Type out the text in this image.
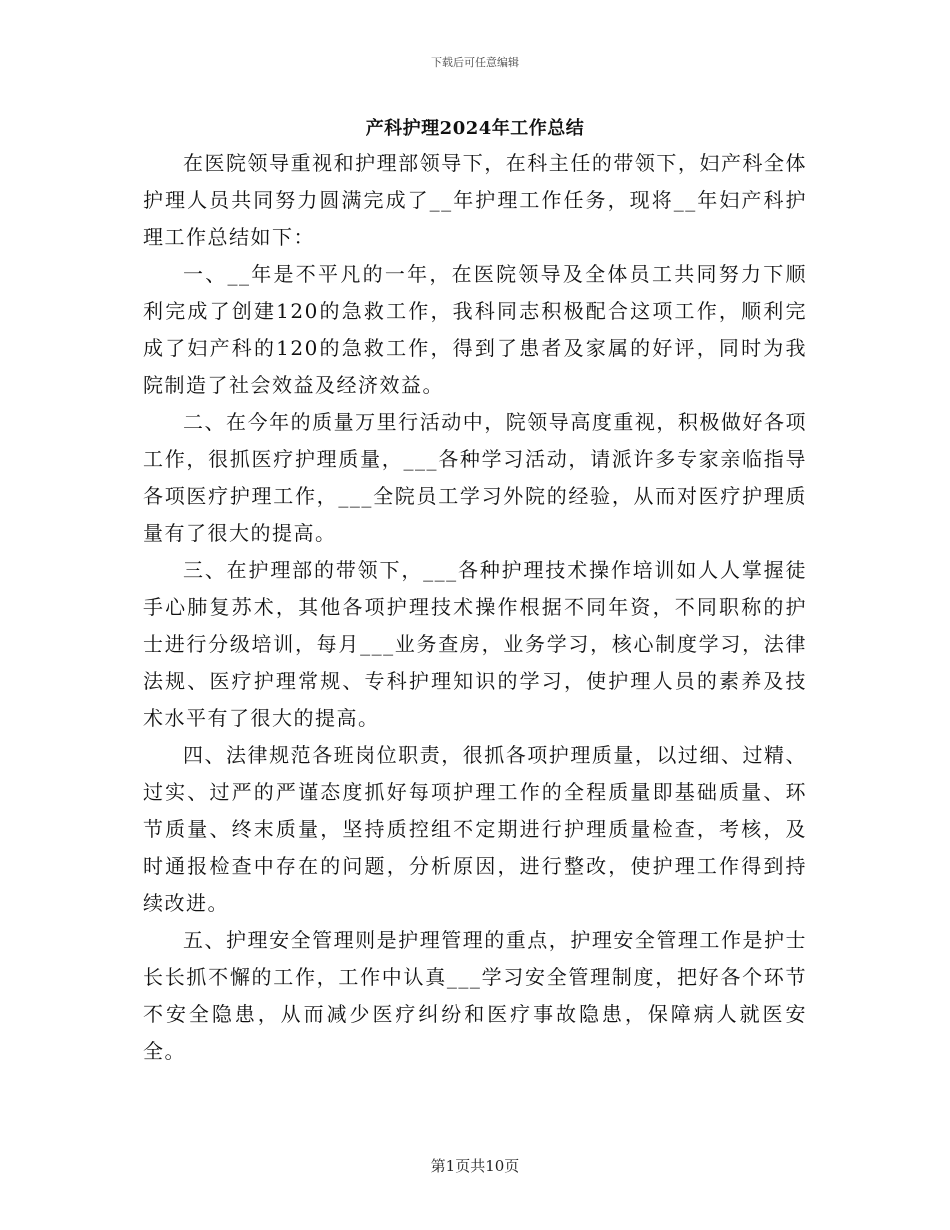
下载后可任意编辑
产科护理2024年工作总结

在医院领导重视和护理部领导下，在科主任的带领下，妇产科全体护理人员共同努力圆满完成了__年护理工作任务，现将__年妇产科护理工作总结如下：

一、__年是不平凡的一年，在医院领导及全体员工共同努力下顺利完成了创建120的急救工作，我科同志积极配合这项工作，顺利完成了妇产科的120的急救工作，得到了患者及家属的好评，同时为我院制造了社会效益及经济效益。

二、在今年的质量万里行活动中，院领导高度重视，积极做好各项工作，很抓医疗护理质量，___各种学习活动，请派许多专家亲临指导各项医疗护理工作，___全院员工学习外院的经验，从而对医疗护理质量有了很大的提高。

三、在护理部的带领下，___各种护理技术操作培训如人人掌握徒手心肺复苏术，其他各项护理技术操作根据不同年资，不同职称的护士进行分级培训，每月___业务查房，业务学习，核心制度学习，法律法规、医疗护理常规、专科护理知识的学习，使护理人员的素养及技术水平有了很大的提高。

四、法律规范各班岗位职责，很抓各项护理质量，以过细、过精、过实、过严的严谨态度抓好每项护理工作的全程质量即基础质量、环节质量、终末质量，坚持质控组不定期进行护理质量检查，考核，及时通报检查中存在的问题，分析原因，进行整改，使护理工作得到持续改进。

五、护理安全管理则是护理管理的重点，护理安全管理工作是护士长长抓不懈的工作，工作中认真___学习安全管理制度，把好各个环节不安全隐患，从而减少医疗纠纷和医疗事故隐患，保障病人就医安全。

第1页共10页
